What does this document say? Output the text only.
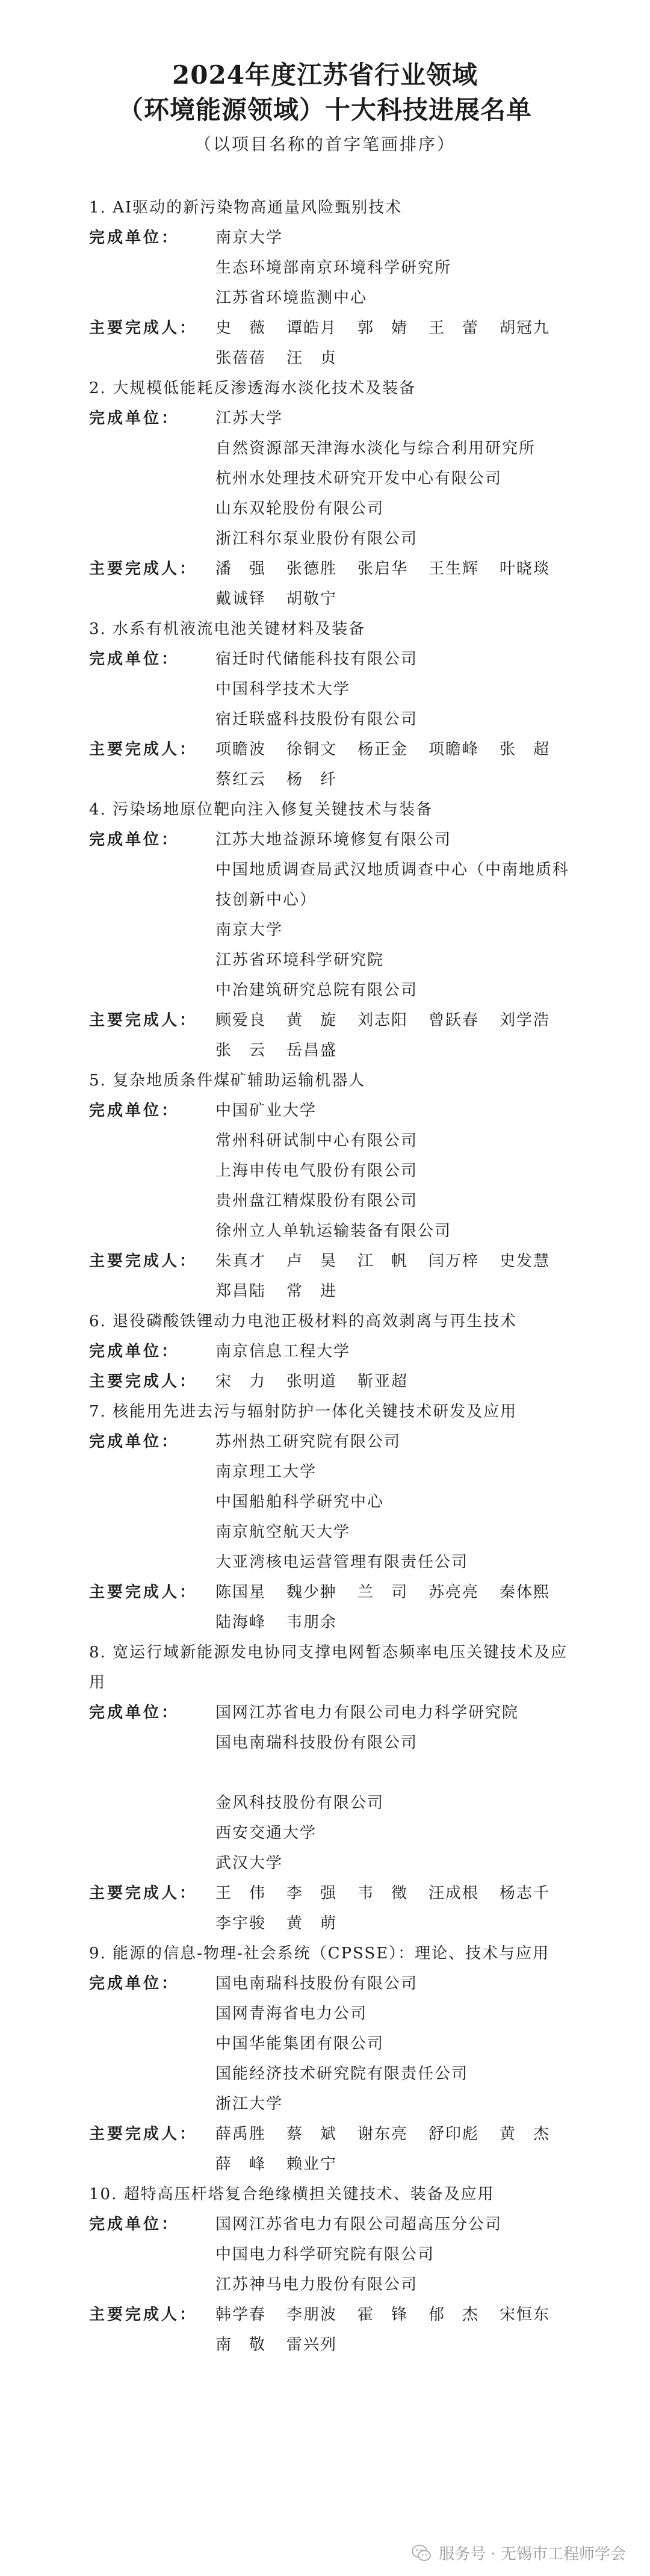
2024年度江苏省行业领域
（环境能源领域）十大科技进展名单
（以项目名称的首字笔画排序）
1. AI驱动的新污染物高通量风险甄别技术
完成单位：	南京大学
生态环境部南京环境科学研究所
江苏省环境监测中心
主要完成人：	史　薇	谭皓月	郭　婧	王　蕾	胡冠九
张蓓蓓	汪　贞
2. 大规模低能耗反渗透海水淡化技术及装备
完成单位：	江苏大学
自然资源部天津海水淡化与综合利用研究所
杭州水处理技术研究开发中心有限公司
山东双轮股份有限公司
浙江科尔泵业股份有限公司
主要完成人：	潘　强	张德胜	张启华	王生辉	叶晓琰
戴诚铎	胡敬宁
3. 水系有机液流电池关键材料及装备
完成单位：	宿迁时代储能科技有限公司
中国科学技术大学
宿迁联盛科技股份有限公司
主要完成人：	项瞻波	徐铜文	杨正金	项瞻峰	张　超
蔡红云	杨　纤
4. 污染场地原位靶向注入修复关键技术与装备
完成单位：	江苏大地益源环境修复有限公司
中国地质调查局武汉地质调查中心（中南地质科技创新中心）
南京大学
江苏省环境科学研究院
中冶建筑研究总院有限公司
主要完成人：	顾爱良	黄　旋	刘志阳	曾跃春	刘学浩
张　云	岳昌盛
5. 复杂地质条件煤矿辅助运输机器人
完成单位：	中国矿业大学
常州科研试制中心有限公司
上海申传电气股份有限公司
贵州盘江精煤股份有限公司
徐州立人单轨运输装备有限公司
主要完成人：	朱真才	卢　昊	江　帆	闫万梓	史发慧
郑昌陆	常　进
6. 退役磷酸铁锂动力电池正极材料的高效剥离与再生技术
完成单位：	南京信息工程大学
主要完成人：	宋　力	张明道	靳亚超
7. 核能用先进去污与辐射防护一体化关键技术研发及应用
完成单位：	苏州热工研究院有限公司
南京理工大学
中国船舶科学研究中心
南京航空航天大学
大亚湾核电运营管理有限责任公司
主要完成人：	陈国星	魏少翀	兰　司	苏亮亮	秦体熙
陆海峰	韦朋余
8. 宽运行域新能源发电协同支撑电网暂态频率电压关键技术及应用
完成单位：	国网江苏省电力有限公司电力科学研究院
国电南瑞科技股份有限公司

金风科技股份有限公司
西安交通大学
武汉大学
主要完成人：	王　伟	李　强	韦　徵	汪成根	杨志千
李宇骏	黄　萌
9. 能源的信息-物理-社会系统（CPSSE）：理论、技术与应用
完成单位：	国电南瑞科技股份有限公司
国网青海省电力公司
中国华能集团有限公司
国能经济技术研究院有限责任公司
浙江大学
主要完成人：	薛禹胜	蔡　斌	谢东亮	舒印彪	黄　杰
薛　峰	赖业宁
10. 超特高压杆塔复合绝缘横担关键技术、装备及应用
完成单位：	国网江苏省电力有限公司超高压分公司
中国电力科学研究院有限公司
江苏神马电力股份有限公司
主要完成人：	韩学春	李朋波	霍　锋	郁　杰	宋恒东
南　敬	雷兴列
服务号 · 无锡市工程师学会
